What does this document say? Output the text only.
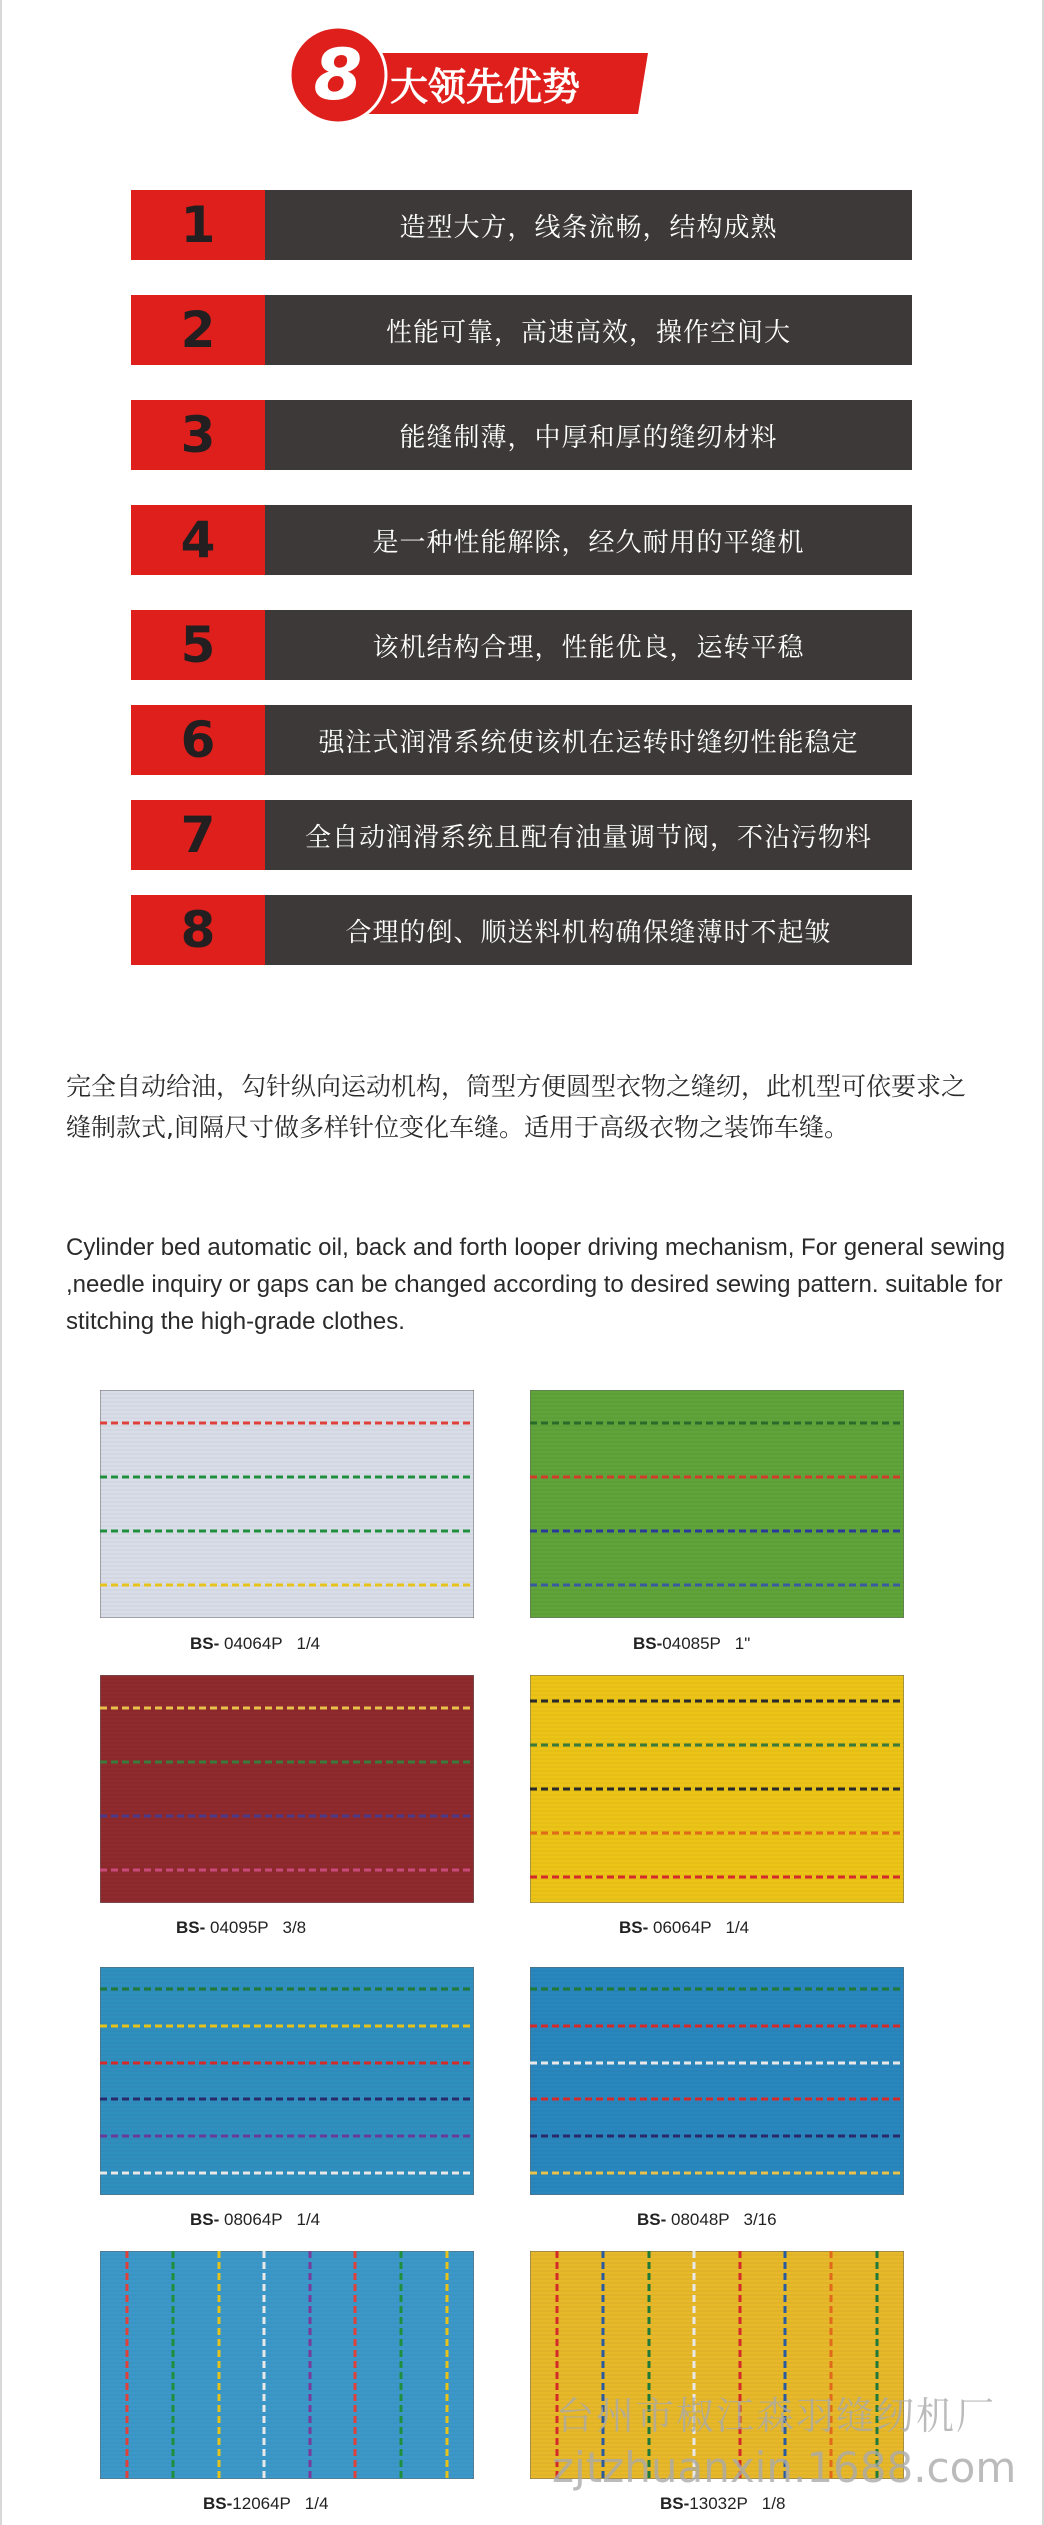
8 大领先优势
1	造型大方，线条流畅，结构成熟
2	性能可靠，高速高效，操作空间大
3	能缝制薄，中厚和厚的缝纫材料
4	是一种性能解除，经久耐用的平缝机
5	该机结构合理，性能优良，运转平稳
6	强注式润滑系统使该机在运转时缝纫性能稳定
7	全自动润滑系统且配有油量调节阀，不沾污物料
8	合理的倒、顺送料机构确保缝薄时不起皱
完全自动给油，勾针纵向运动机构，筒型方便圆型衣物之缝纫，此机型可依要求之缝制款式,间隔尺寸做多样针位变化车缝。适用于高级衣物之装饰车缝。
Cylinder bed automatic oil, back and forth looper driving mechanism, For general sewing ,needle inquiry or gaps can be changed according to desired sewing pattern. suitable for stitching the high-grade clothes.
BS- 04064P 1/4	BS-04085P 1"
BS- 04095P 3/8	BS- 06064P 1/4
BS- 08064P 1/4	BS- 08048P 3/16
BS-12064P 1/4	BS-13032P 1/8
台州市椒江森羽缝纫机厂
zjtzhuanxin.1688.com
